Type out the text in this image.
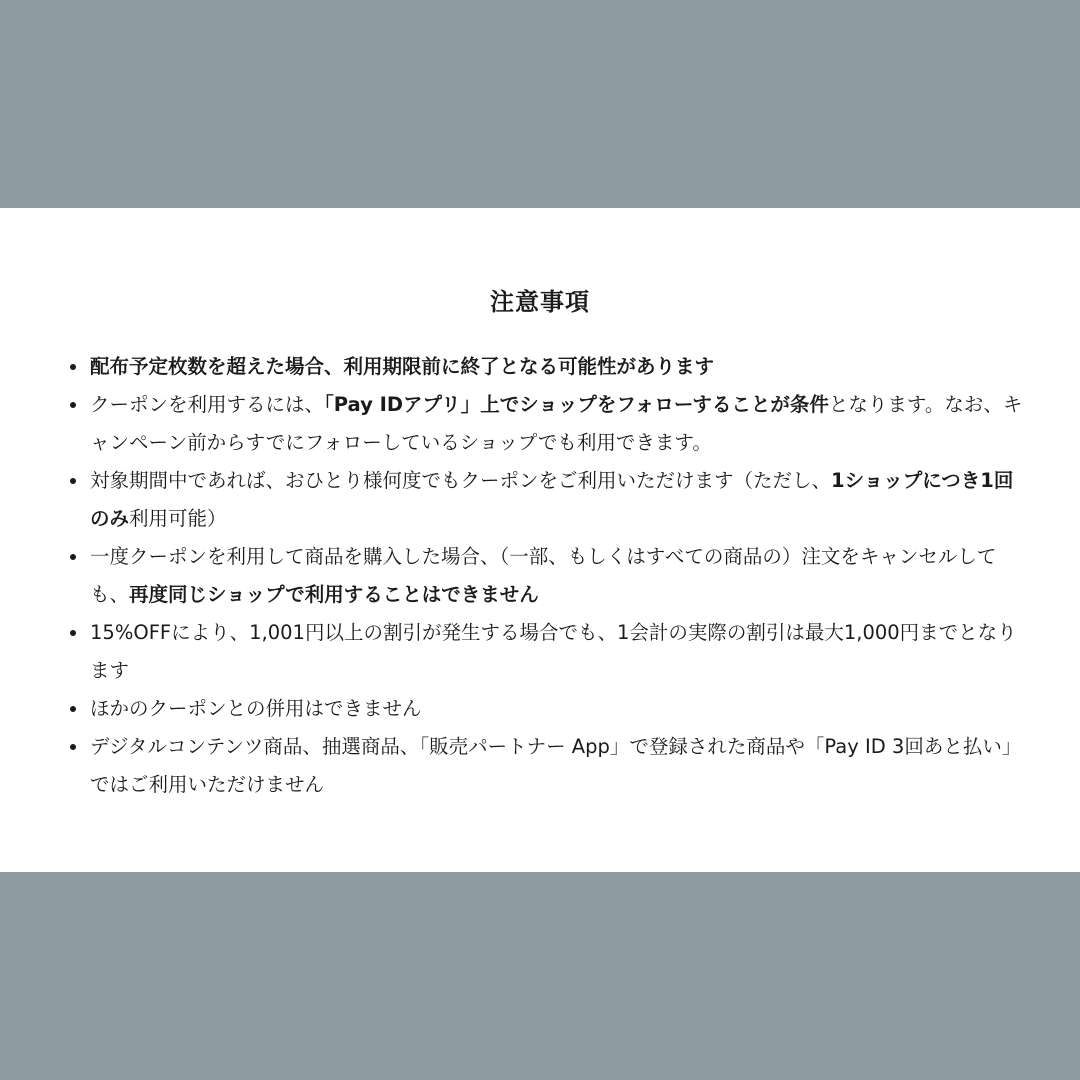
注意事項
配布予定枚数を超えた場合、利用期限前に終了となる可能性があります
クーポンを利用するには、「Pay IDアプリ」上でショップをフォローすることが条件となります。なお、キャンペーン前からすでにフォローしているショップでも利用できます。
対象期間中であれば、おひとり様何度でもクーポンをご利用いただけます（ただし、1ショップにつき1回のみ利用可能）
一度クーポンを利用して商品を購入した場合、（一部、もしくはすべての商品の）注文をキャンセルしても、再度同じショップで利用することはできません
15%OFFにより、1,001円以上の割引が発生する場合でも、1会計の実際の割引は最大1,000円までとなります
ほかのクーポンとの併用はできません
デジタルコンテンツ商品、抽選商品、「販売パートナー App」で登録された商品や「Pay ID 3回あと払い」ではご利用いただけません
